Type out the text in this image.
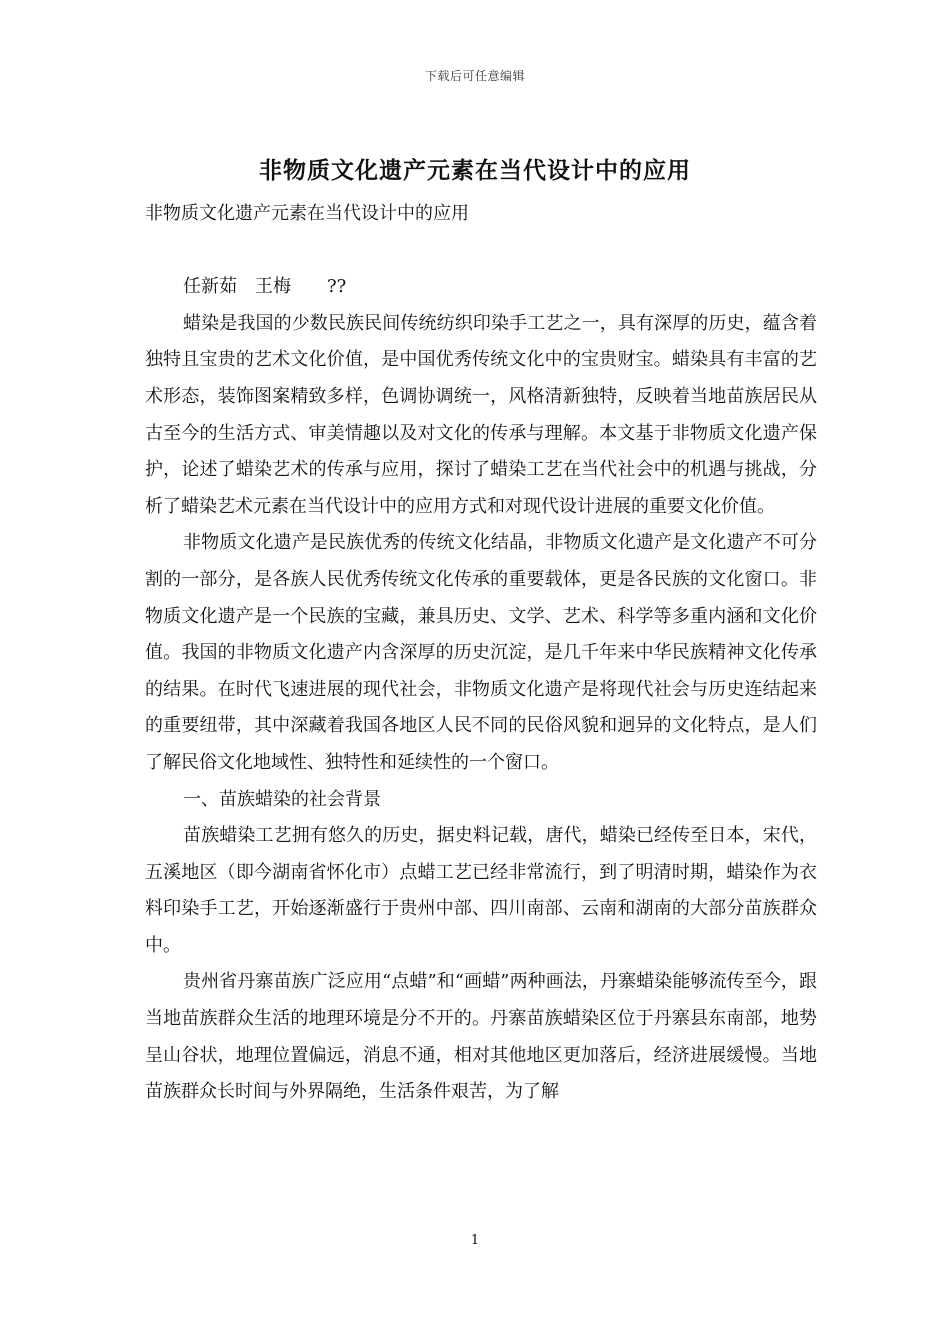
下载后可任意编辑
非物质文化遗产元素在当代设计中的应用

非物质文化遗产元素在当代设计中的应用

任新茹　王梅　　??

蜡染是我国的少数民族民间传统纺织印染手工艺之一，具有深厚的历史，蕴含着独特且宝贵的艺术文化价值，是中国优秀传统文化中的宝贵财宝。蜡染具有丰富的艺术形态，装饰图案精致多样，色调协调统一，风格清新独特，反映着当地苗族居民从古至今的生活方式、审美情趣以及对文化的传承与理解。本文基于非物质文化遗产保护，论述了蜡染艺术的传承与应用，探讨了蜡染工艺在当代社会中的机遇与挑战，分析了蜡染艺术元素在当代设计中的应用方式和对现代设计进展的重要文化价值。

非物质文化遗产是民族优秀的传统文化结晶，非物质文化遗产是文化遗产不可分割的一部分，是各族人民优秀传统文化传承的重要载体，更是各民族的文化窗口。非物质文化遗产是一个民族的宝藏，兼具历史、文学、艺术、科学等多重内涵和文化价值。我国的非物质文化遗产内含深厚的历史沉淀，是几千年来中华民族精神文化传承的结果。在时代飞速进展的现代社会，非物质文化遗产是将现代社会与历史连结起来的重要纽带，其中深藏着我国各地区人民不同的民俗风貌和迥异的文化特点，是人们了解民俗文化地域性、独特性和延续性的一个窗口。

一、苗族蜡染的社会背景

苗族蜡染工艺拥有悠久的历史，据史料记载，唐代，蜡染已经传至日本，宋代，五溪地区（即今湖南省怀化市）点蜡工艺已经非常流行，到了明清时期，蜡染作为衣料印染手工艺，开始逐渐盛行于贵州中部、四川南部、云南和湖南的大部分苗族群众中。

贵州省丹寨苗族广泛应用“点蜡”和“画蜡”两种画法，丹寨蜡染能够流传至今，跟当地苗族群众生活的地理环境是分不开的。丹寨苗族蜡染区位于丹寨县东南部，地势呈山谷状，地理位置偏远，消息不通，相对其他地区更加落后，经济进展缓慢。当地苗族群众长时间与外界隔绝，生活条件艰苦，为了解

1
